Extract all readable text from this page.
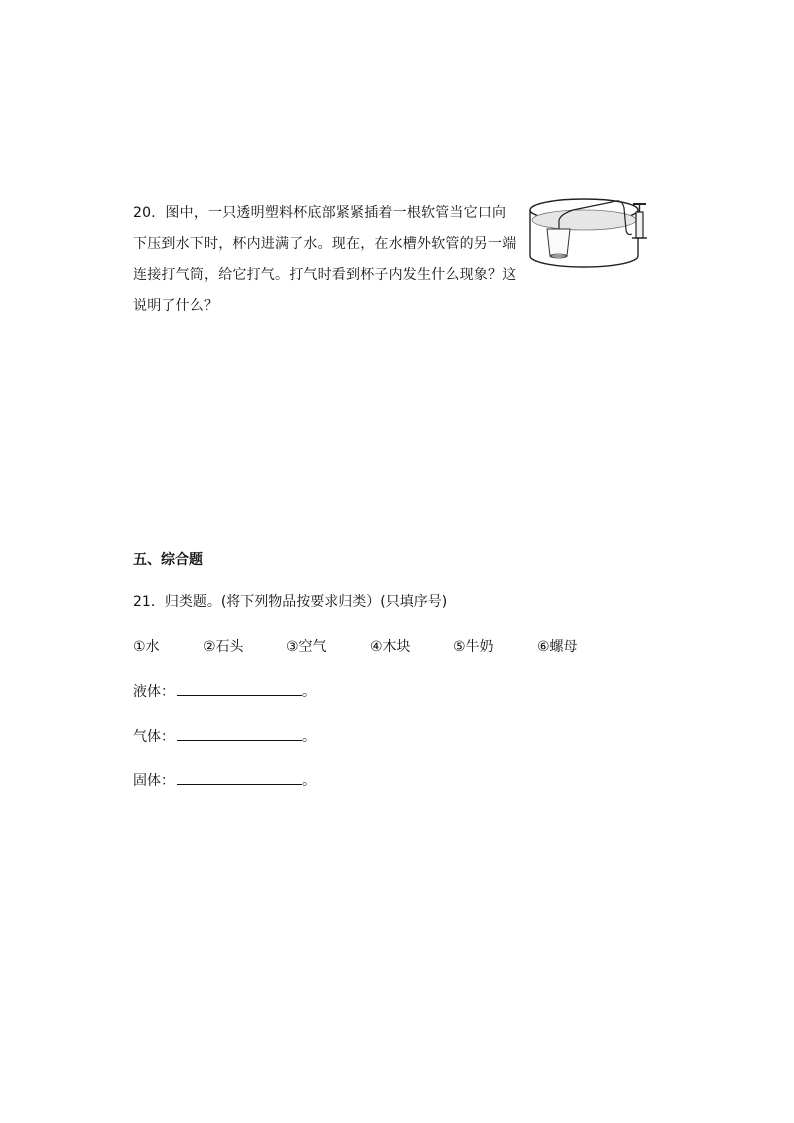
20．图中，一只透明塑料杯底部紧紧插着一根软管当它口向下压到水下时，杯内进满了水。现在，在水槽外软管的另一端连接打气筒，给它打气。打气时看到杯子内发生什么现象？这说明了什么？
五、综合题
21．归类题。(将下列物品按要求归类）(只填序号)
①水	②石头	③空气	④木块	⑤牛奶	⑥螺母
液体：	。
气体：	。
固体：	。
